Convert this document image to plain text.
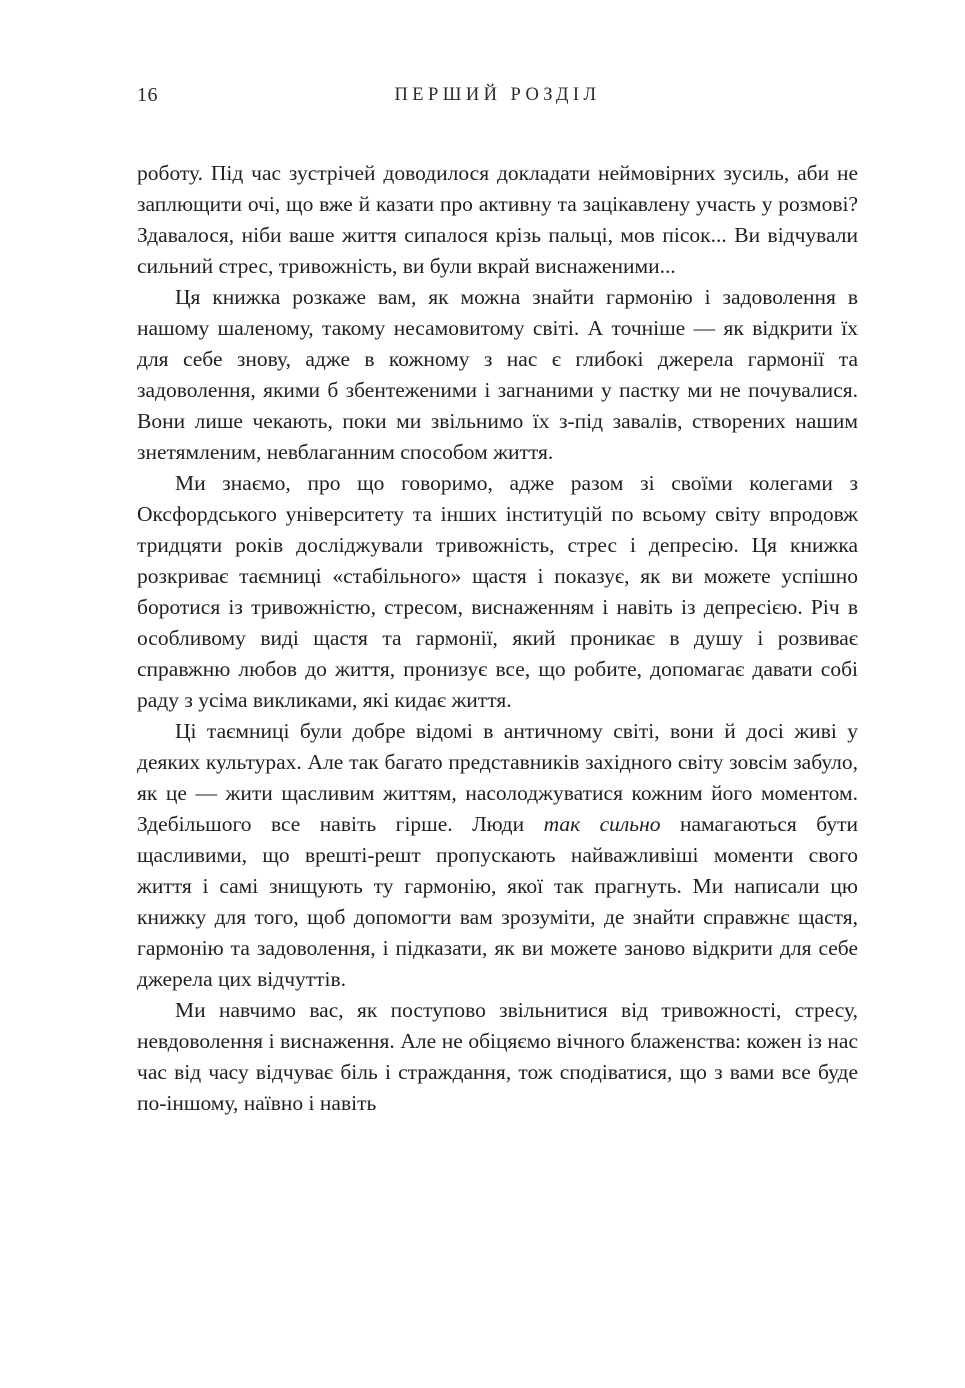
16	ПЕРШИЙ РОЗДІЛ

роботу. Під час зустрічей доводилося докладати неймовірних зусиль, аби не заплющити очі, що вже й казати про активну та зацікавлену участь у розмові? Здавалося, ніби ваше життя сипалося крізь пальці, мов пісок... Ви відчували сильний стрес, тривожність, ви були вкрай виснаженими...

Ця книжка розкаже вам, як можна знайти гармонію і задоволення в нашому шаленому, такому несамовитому світі. А точніше — як відкрити їх для себе знову, адже в кожному з нас є глибокі джерела гармонії та задоволення, якими б збентеженими і загнаними у пастку ми не почувалися. Вони лише чекають, поки ми звільнимо їх з-під завалів, створених нашим знетямленим, невблаганним способом життя.

Ми знаємо, про що говоримо, адже разом зі своїми колегами з Оксфордського університету та інших інституцій по всьому світу впродовж тридцяти років досліджували тривожність, стрес і депресію. Ця книжка розкриває таємниці «стабільного» щастя і показує, як ви можете успішно боротися із тривожністю, стресом, виснаженням і навіть із депресією. Річ в особливому виді щастя та гармонії, який проникає в душу і розвиває справжню любов до життя, пронизує все, що робите, допомагає давати собі раду з усіма викликами, які кидає життя.

Ці таємниці були добре відомі в античному світі, вони й досі живі у деяких культурах. Але так багато представників західного світу зовсім забуло, як це — жити щасливим життям, насолоджуватися кожним його моментом. Здебільшого все навіть гірше. Люди так сильно намагаються бути щасливими, що врешті-решт пропускають найважливіші моменти свого життя і самі знищують ту гармонію, якої так прагнуть. Ми написали цю книжку для того, щоб допомогти вам зрозуміти, де знайти справжнє щастя, гармонію та задоволення, і підказати, як ви можете заново відкрити для себе джерела цих відчуттів.

Ми навчимо вас, як поступово звільнитися від тривожності, стресу, невдоволення і виснаження. Але не обіцяємо вічного блаженства: кожен із нас час від часу відчуває біль і страждання, тож сподіватися, що з вами все буде по-іншому, наївно і навіть
